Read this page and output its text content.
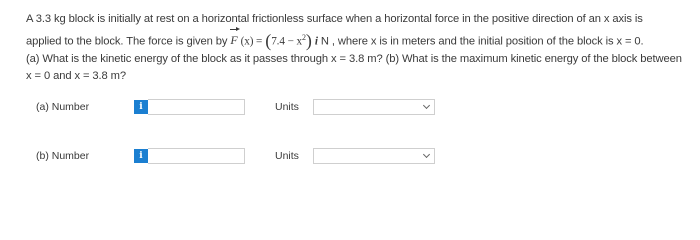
A 3.3 kg block is initially at rest on a horizontal frictionless surface when a horizontal force in the positive direction of an x axis is

applied to the block. The force is given by F $(x) = (7.4 - x^2)$ i N , where x is in meters and the initial position of the block is x = 0.

(a) What is the kinetic energy of the block as it passes through x = 3.8 m? (b) What is the maximum kinetic energy of the block between

x = 0 and x = 3.8 m?

(a) Number	i	Units
(b) Number	i	Units
